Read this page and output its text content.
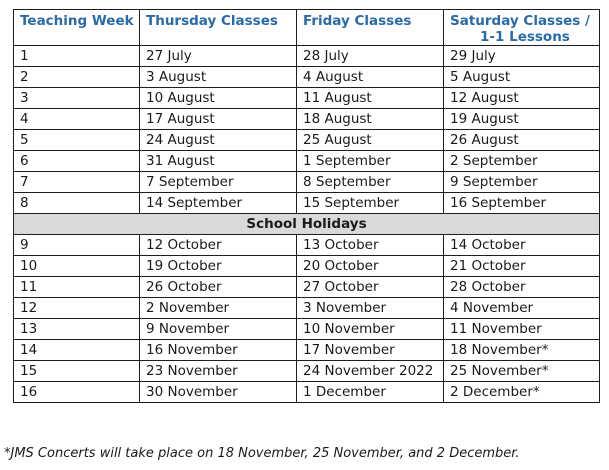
Teaching Week	Thursday Classes	Friday Classes	Saturday Classes /
1-1 Lessons

1	27 July	28 July	29 July
2	3 August	4 August	5 August
3	10 August	11 August	12 August
4	17 August	18 August	19 August
5	24 August	25 August	26 August
6	31 August	1 September	2 September
7	7 September	8 September	9 September
8	14 September	15 September	16 September
School Holidays			
9	12 October	13 October	14 October
10	19 October	20 October	21 October
11	26 October	27 October	28 October
12	2 November	3 November	4 November
13	9 November	10 November	11 November
14	16 November	17 November	18 November*
15	23 November	24 November 2022	25 November*
16	30 November	1 December	2 December*
*JMS Concerts will take place on 18 November, 25 November, and 2 December.
